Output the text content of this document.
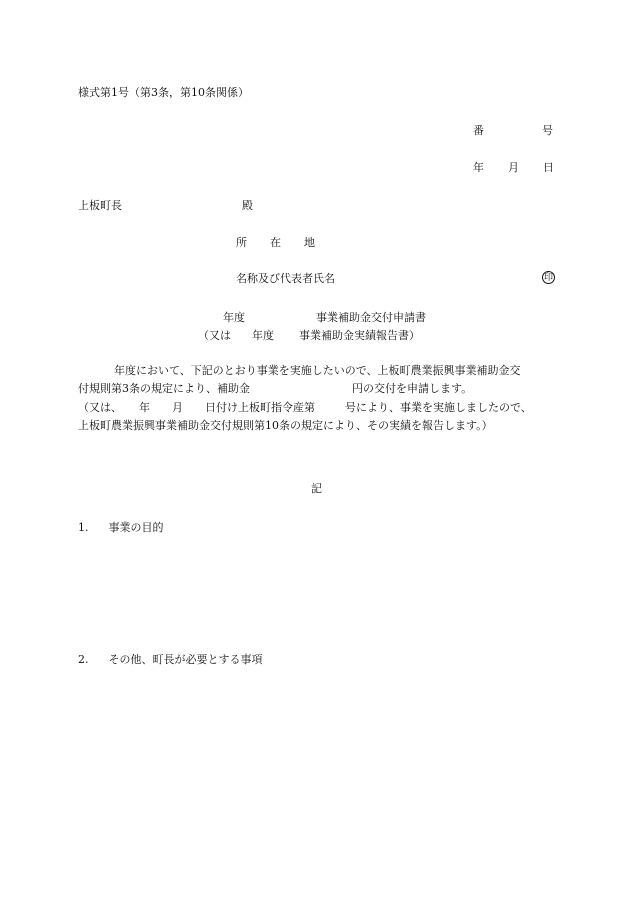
様式第1号（第3条，第10条関係）
番	号
年 月 日
上板町長	殿
所 在 地
名称及び代表者氏名	印
年度	事業補助金交付申請書
（又は 年度 事業補助金実績報告書）
年度において、下記のとおり事業を実施したいので、上板町農業振興事業補助金交
付規則第3条の規定により、補助金	円の交付を申請します。
（又は、 年 月 日付け上板町指令産第	号により、事業を実施しましたので、
上板町農業振興事業補助金交付規則第10条の規定により、その実績を報告します。）
記
1. 事業の目的
2. その他、町長が必要とする事項
